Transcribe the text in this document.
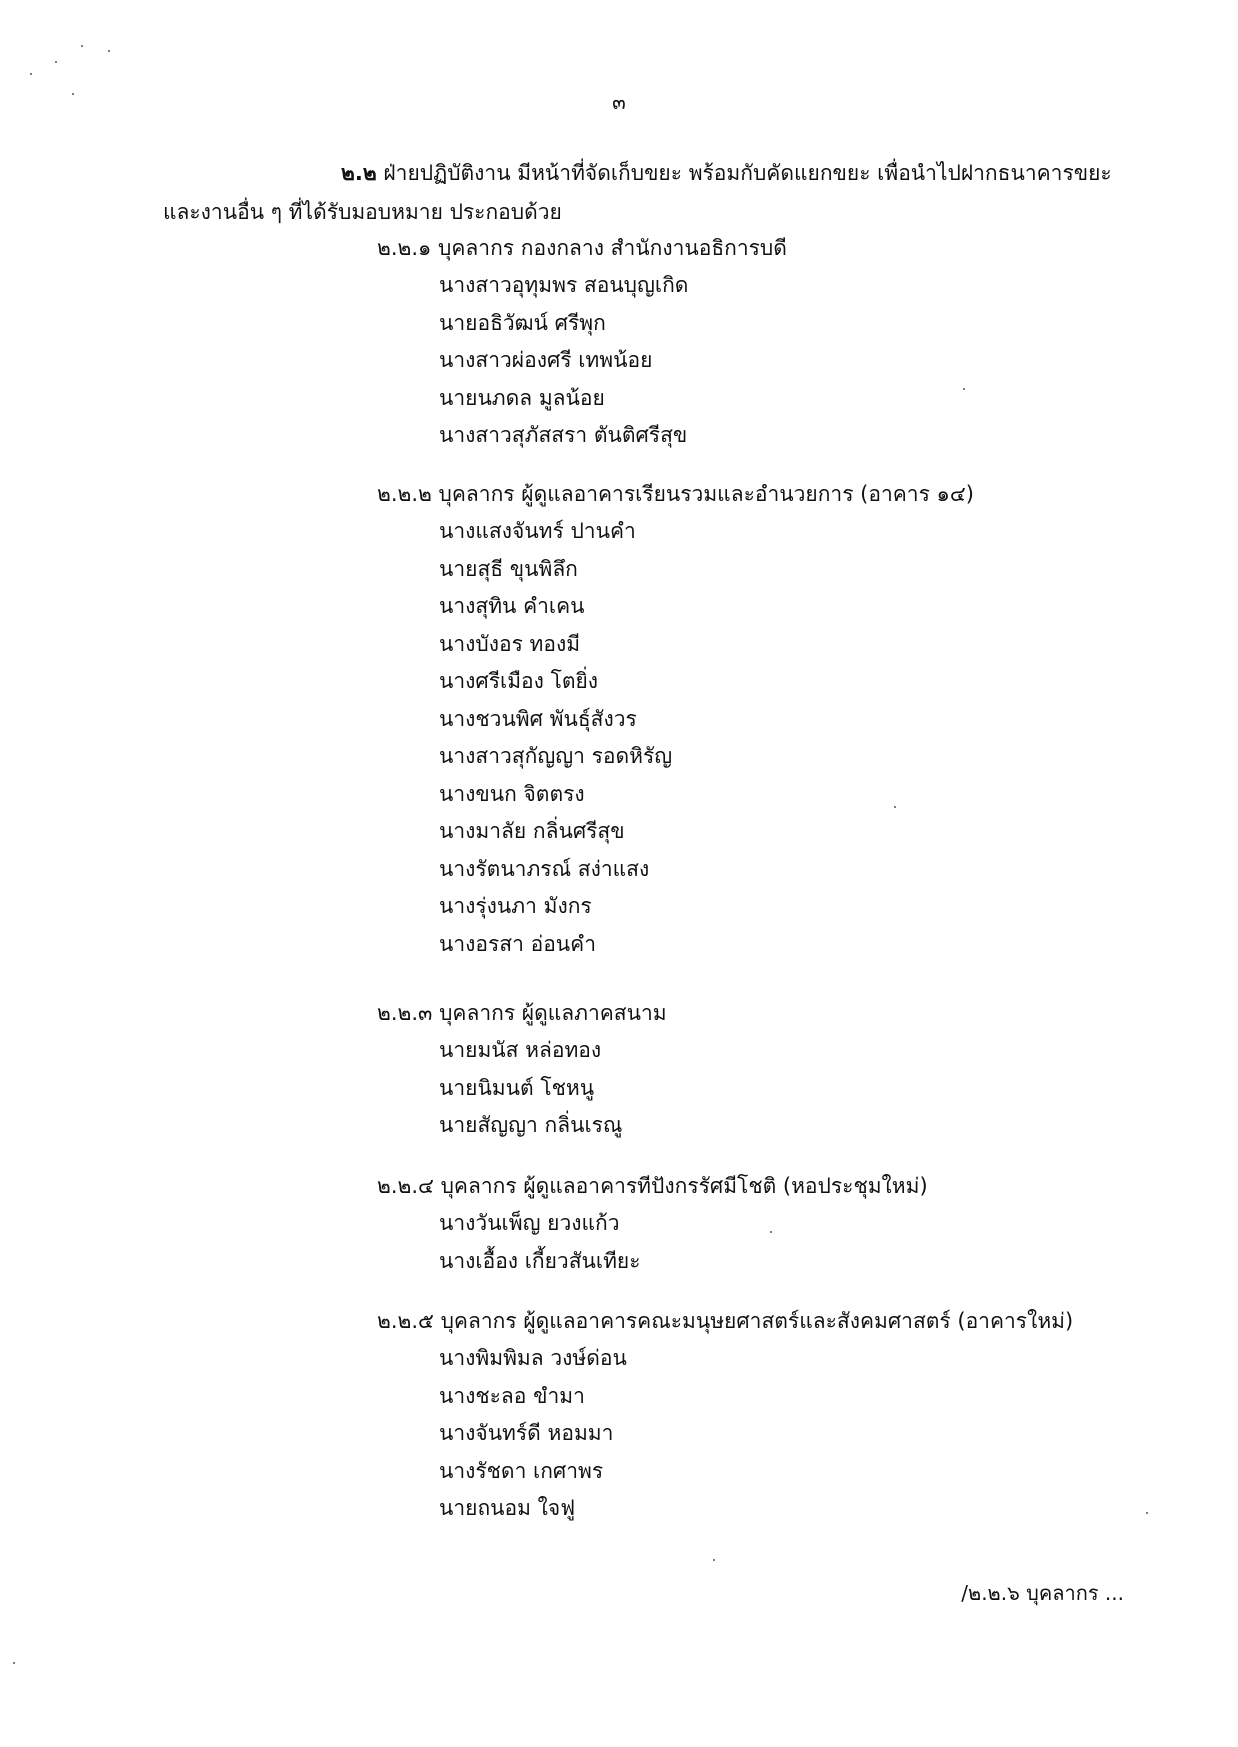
๓
๒.๒ ฝ่ายปฏิบัติงาน มีหน้าที่จัดเก็บขยะ พร้อมกับคัดแยกขยะ เพื่อนำไปฝากธนาคารขยะ
และงานอื่น ๆ ที่ได้รับมอบหมาย ประกอบด้วย
๒.๒.๑ บุคลากร กองกลาง สำนักงานอธิการบดี
นางสาวอุทุมพร สอนบุญเกิด
นายอธิวัฒน์ ศรีพุก
นางสาวผ่องศรี เทพน้อย
นายนภดล มูลน้อย
นางสาวสุภัสสรา ตันติศรีสุข
๒.๒.๒ บุคลากร ผู้ดูแลอาคารเรียนรวมและอำนวยการ (อาคาร ๑๔)
นางแสงจันทร์ ปานคำ
นายสุธี ขุนพิลึก
นางสุทิน คำเคน
นางบังอร ทองมี
นางศรีเมือง โตยิ่ง
นางชวนพิศ พันธุ์สังวร
นางสาวสุกัญญา รอดหิรัญ
นางขนก จิตตรง
นางมาลัย กลิ่นศรีสุข
นางรัตนาภรณ์ สง่าแสง
นางรุ่งนภา มังกร
นางอรสา อ่อนคำ
๒.๒.๓ บุคลากร ผู้ดูแลภาคสนาม
นายมนัส หล่อทอง
นายนิมนต์ โชหนู
นายสัญญา กลิ่นเรณู
๒.๒.๔ บุคลากร ผู้ดูแลอาคารทีปังกรรัศมีโชติ (หอประชุมใหม่)
นางวันเพ็ญ ยวงแก้ว
นางเอื้อง เกี้ยวสันเทียะ
๒.๒.๕ บุคลากร ผู้ดูแลอาคารคณะมนุษยศาสตร์และสังคมศาสตร์ (อาคารใหม่)
นางพิมพิมล วงษ์ด่อน
นางชะลอ ขำมา
นางจันทร์ดี หอมมา
นางรัชดา เกศาพร
นายถนอม ใจฟู
/๒.๒.๖ บุคลากร ...
